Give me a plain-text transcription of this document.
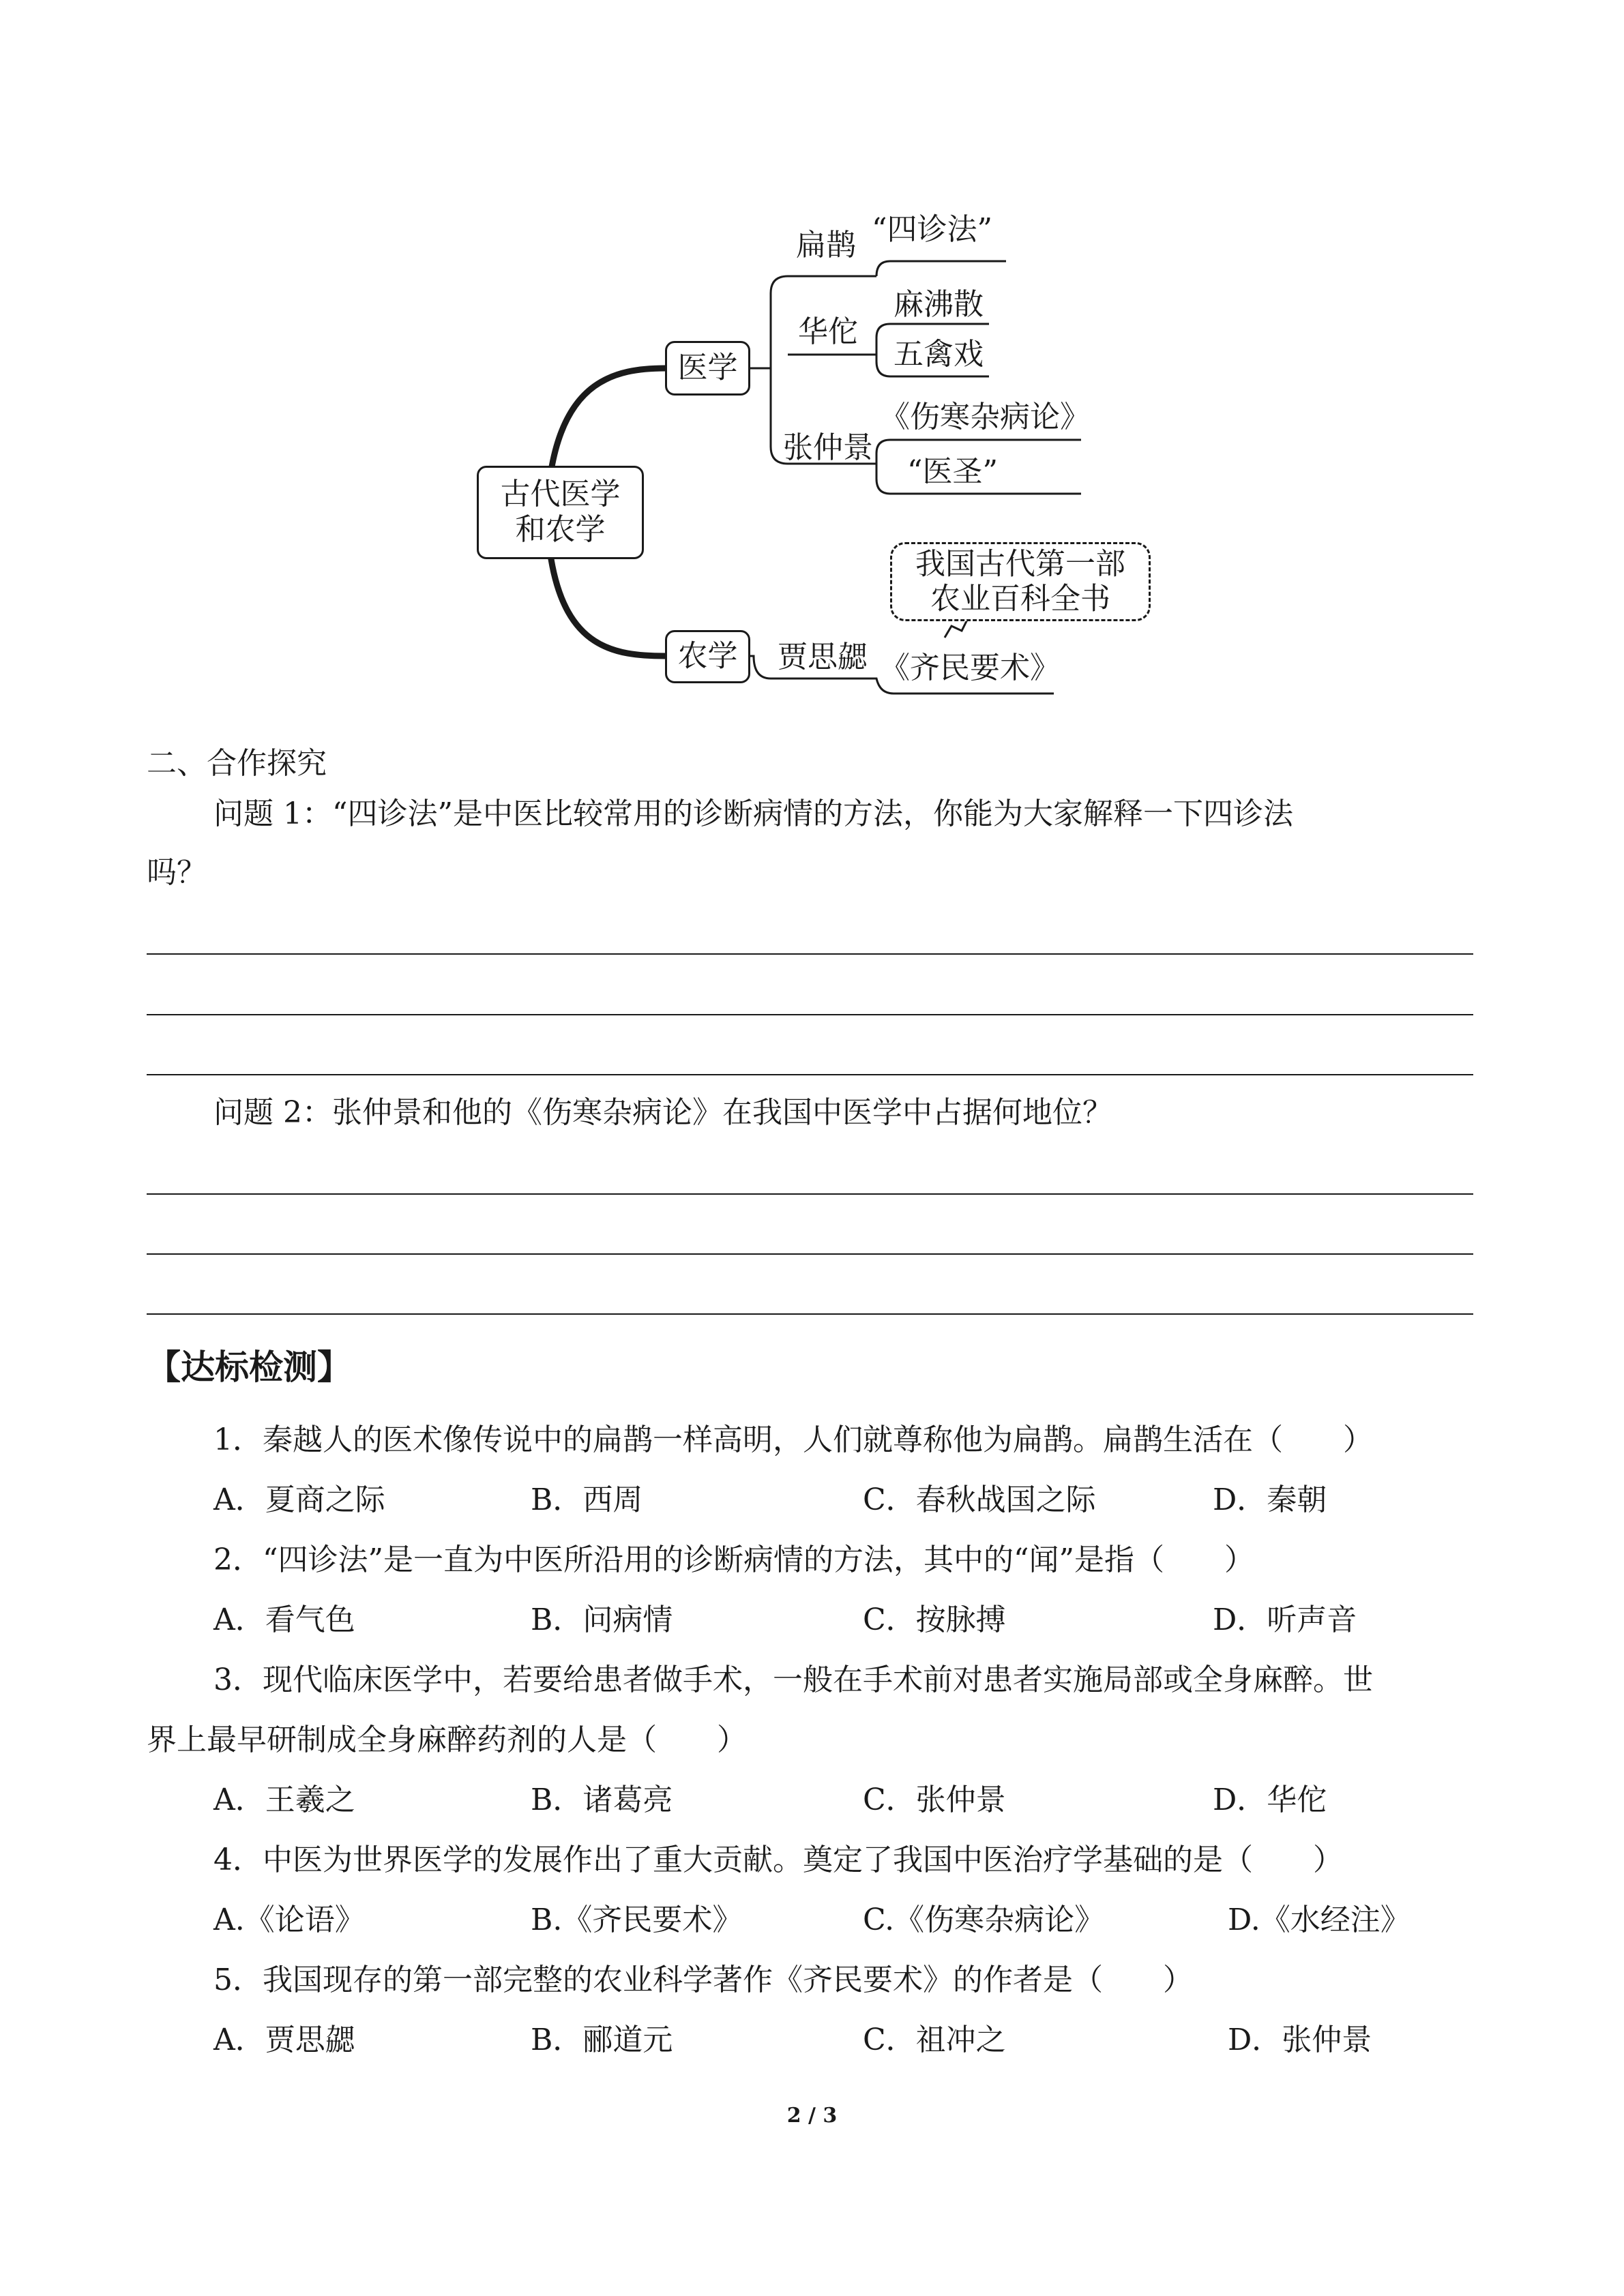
古代医学
和农学
医学
农学
扁鹊
华佗
张仲景
“四诊法”
麻沸散
五禽戏
《伤寒杂病论》
“医圣”
贾思勰 《齐民要术》
我国古代第一部
农业百科全书
二、合作探究
问题 1：“四诊法”是中医比较常用的诊断病情的方法，你能为大家解释一下四诊法
吗？
问题 2：张仲景和他的《伤寒杂病论》在我国中医学中占据何地位？
【达标检测】
1．秦越人的医术像传说中的扁鹊一样高明，人们就尊称他为扁鹊。扁鹊生活在（　　）
A．夏商之际	B．西周	C．春秋战国之际	D．秦朝
2．“四诊法”是一直为中医所沿用的诊断病情的方法，其中的“闻”是指（　　）
A．看气色	B．问病情	C．按脉搏	D．听声音
3．现代临床医学中，若要给患者做手术，一般在手术前对患者实施局部或全身麻醉。世
界上最早研制成全身麻醉药剂的人是（　　）
A．王羲之	B．诸葛亮	C．张仲景	D．华佗
4．中医为世界医学的发展作出了重大贡献。奠定了我国中医治疗学基础的是（　　）
A.《论语》	B.《齐民要术》	C.《伤寒杂病论》	D.《水经注》
5．我国现存的第一部完整的农业科学著作《齐民要术》的作者是（　　）
A．贾思勰	B．郦道元	C．祖冲之	D．张仲景
2 / 3
